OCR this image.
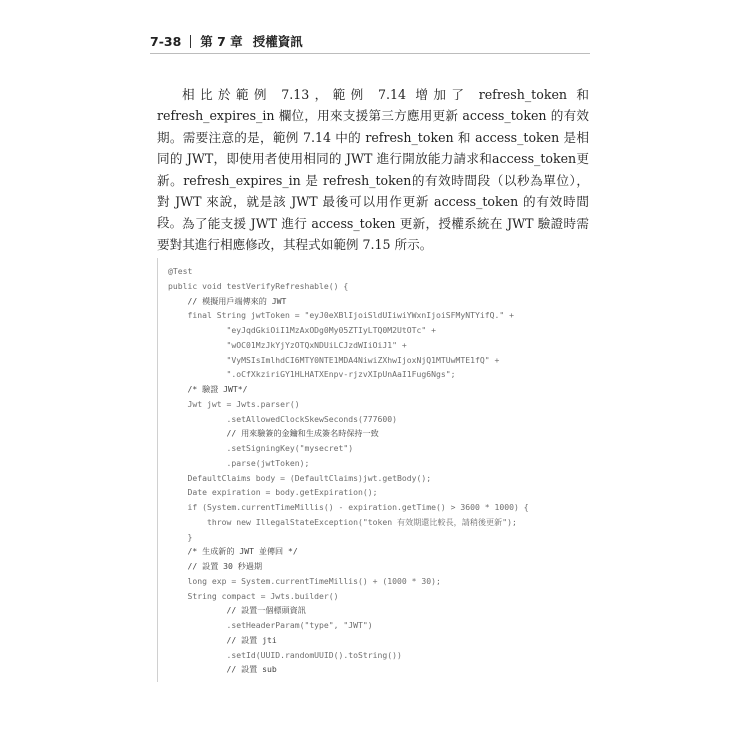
7-38 第 7 章 授權資訊

相比於範例 7.13，範例 7.14 增加了 refresh_token 和 refresh_expires_in 欄位，用來支援第三方應用更新 access_token 的有效期。需要注意的是，範例 7.14 中的 refresh_token 和 access_token 是相同的 JWT，即使用者使用相同的 JWT 進行開放能力請求和access_token更新。refresh_expires_in 是 refresh_token的有效時間段（以秒為單位），對 JWT 來說，就是該 JWT 最後可以用作更新 access_token 的有效時間段。 為了能支援 JWT 進行 access_token 更新，授權系統在 JWT 驗證時需要對其進行相應修改，其程式如範例 7.15 所示。

@Test
public void testVerifyRefreshable() {
// 模擬用戶端傳來的 JWT
final String jwtToken = "eyJ0eXBlIjoiSldUIiwiYWxnIjoiSFMyNTYifQ." +
"eyJqdGkiOiI1MzAxODg0My05ZTIyLTQ0M2UtOTc" +
"wOC01MzJkYjYzOTQxNDUiLCJzdWIiOiJ1" +
"VyMSIsImlhdCI6MTY0NTE1MDA4NiwiZXhwIjoxNjQ1MTUwMTE1fQ" +
".oCfXkziriGY1HLHATXEnpv-rjzvXIpUnAaI1Fug6Ngs";
/* 驗證 JWT*/
Jwt jwt = Jwts.parser()
.setAllowedClockSkewSeconds(777600)
// 用來驗簽的金鑰和生成簽名時保持一致
.setSigningKey("mysecret")
.parse(jwtToken);
DefaultClaims body = (DefaultClaims)jwt.getBody();
Date expiration = body.getExpiration();
if (System.currentTimeMillis() - expiration.getTime() > 3600 * 1000) {
throw new IllegalStateException("token 有效期還比較長，請稍後更新");
}
/* 生成新的 JWT 並傳回 */
// 設置 30 秒過期
long exp = System.currentTimeMillis() + (1000 * 30);
String compact = Jwts.builder()
// 設置一個標頭資訊
.setHeaderParam("type", "JWT")
// 設置 jti
.setId(UUID.randomUUID().toString())
// 設置 sub
